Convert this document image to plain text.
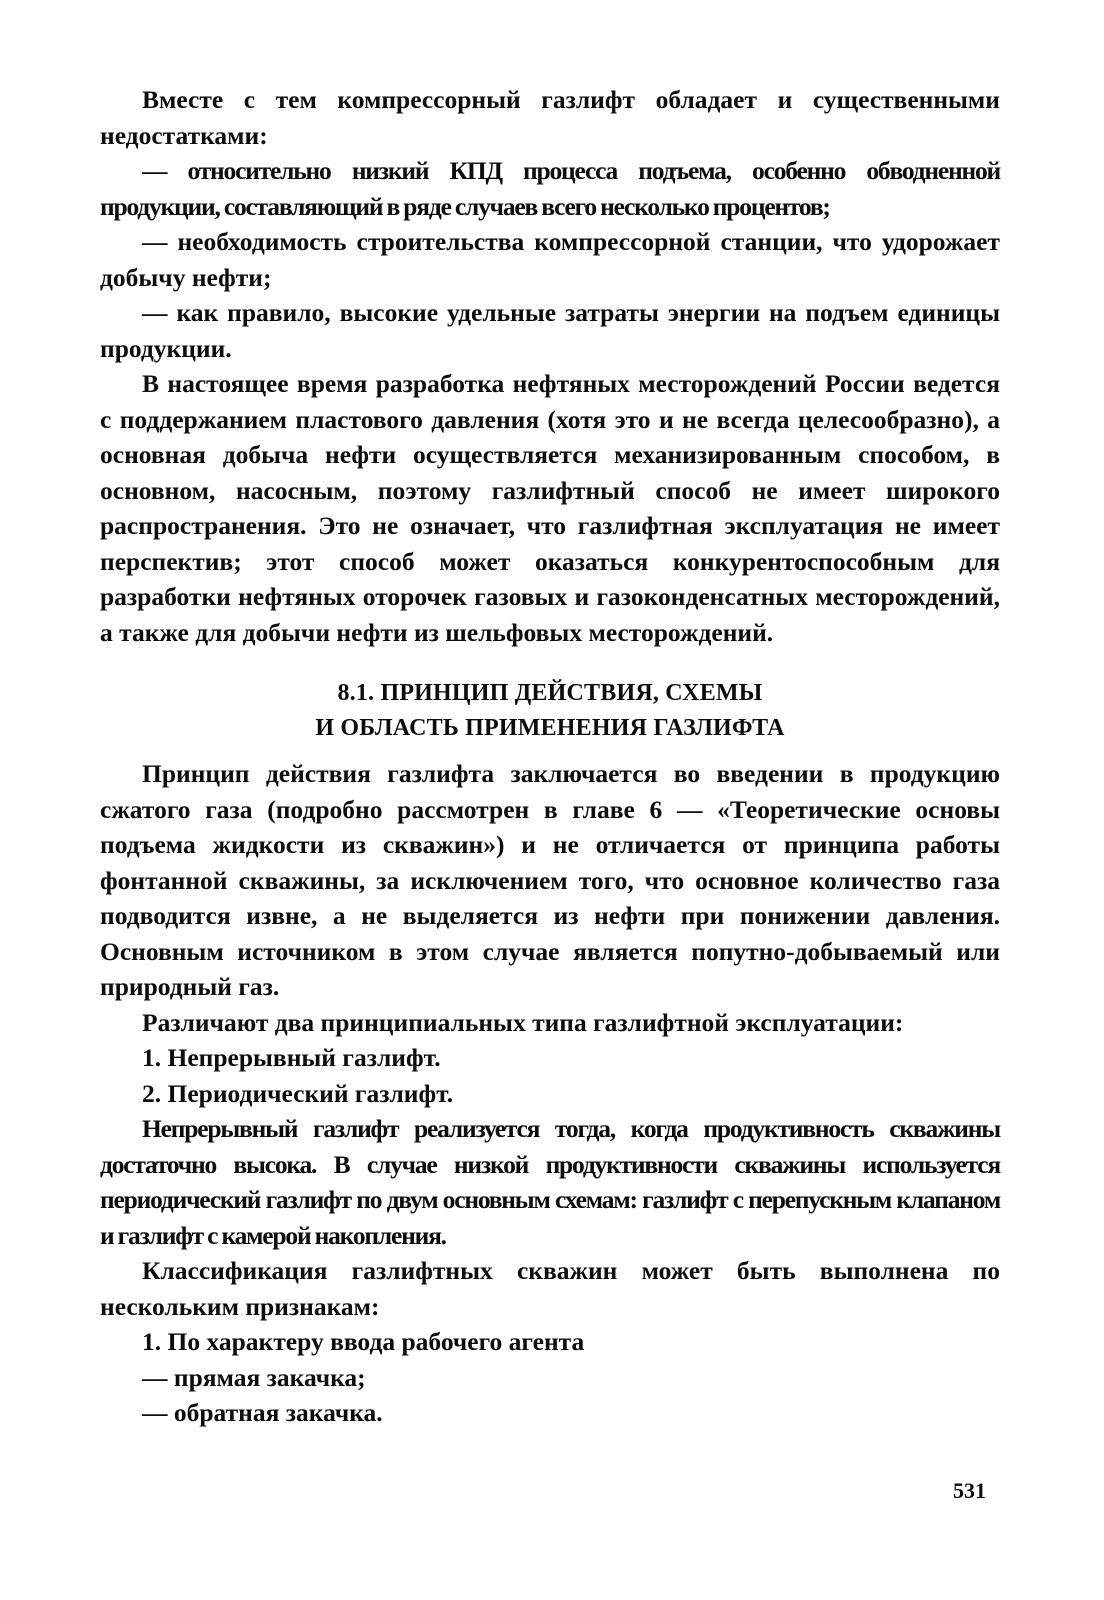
Вместе с тем компрессорный газлифт обладает и существенными недостатками:

— относительно низкий КПД процесса подъема, особенно обводненной продукции, составляющий в ряде случаев всего несколько процентов;

— необходимость строительства компрессорной станции, что удорожает добычу нефти;

— как правило, высокие удельные затраты энергии на подъем единицы продукции.

В настоящее время разработка нефтяных месторождений России ведется с поддержанием пластового давления (хотя это и не всегда целесообразно), а основная добыча нефти осуществляется механизированным способом, в основном, насосным, поэтому газлифтный способ не имеет широкого распространения. Это не означает, что газлифтная эксплуатация не имеет перспектив; этот способ может оказаться конкурентоспособным для разработки нефтяных оторочек газовых и газоконденсатных месторождений, а также для добычи нефти из шельфовых месторождений.

8.1. ПРИНЦИП ДЕЙСТВИЯ, СХЕМЫ
И ОБЛАСТЬ ПРИМЕНЕНИЯ ГАЗЛИФТА

Принцип действия газлифта заключается во введении в продукцию сжатого газа (подробно рассмотрен в главе 6 — «Теоретические основы подъема жидкости из скважин») и не отличается от принципа работы фонтанной скважины, за исключением того, что основное количество газа подводится извне, а не выделяется из нефти при понижении давления. Основным источником в этом случае является попутно-добываемый или природный газ.

Различают два принципиальных типа газлифтной эксплуатации:

1. Непрерывный газлифт.

2. Периодический газлифт.

Непрерывный газлифт реализуется тогда, когда продуктивность скважины достаточно высока. В случае низкой продуктивности скважины используется периодический газлифт по двум основным схемам: газлифт с перепускным клапаном и газлифт с камерой накопления.

Классификация газлифтных скважин может быть выполнена по нескольким признакам:

1. По характеру ввода рабочего агента

— прямая закачка;

— обратная закачка.

531
